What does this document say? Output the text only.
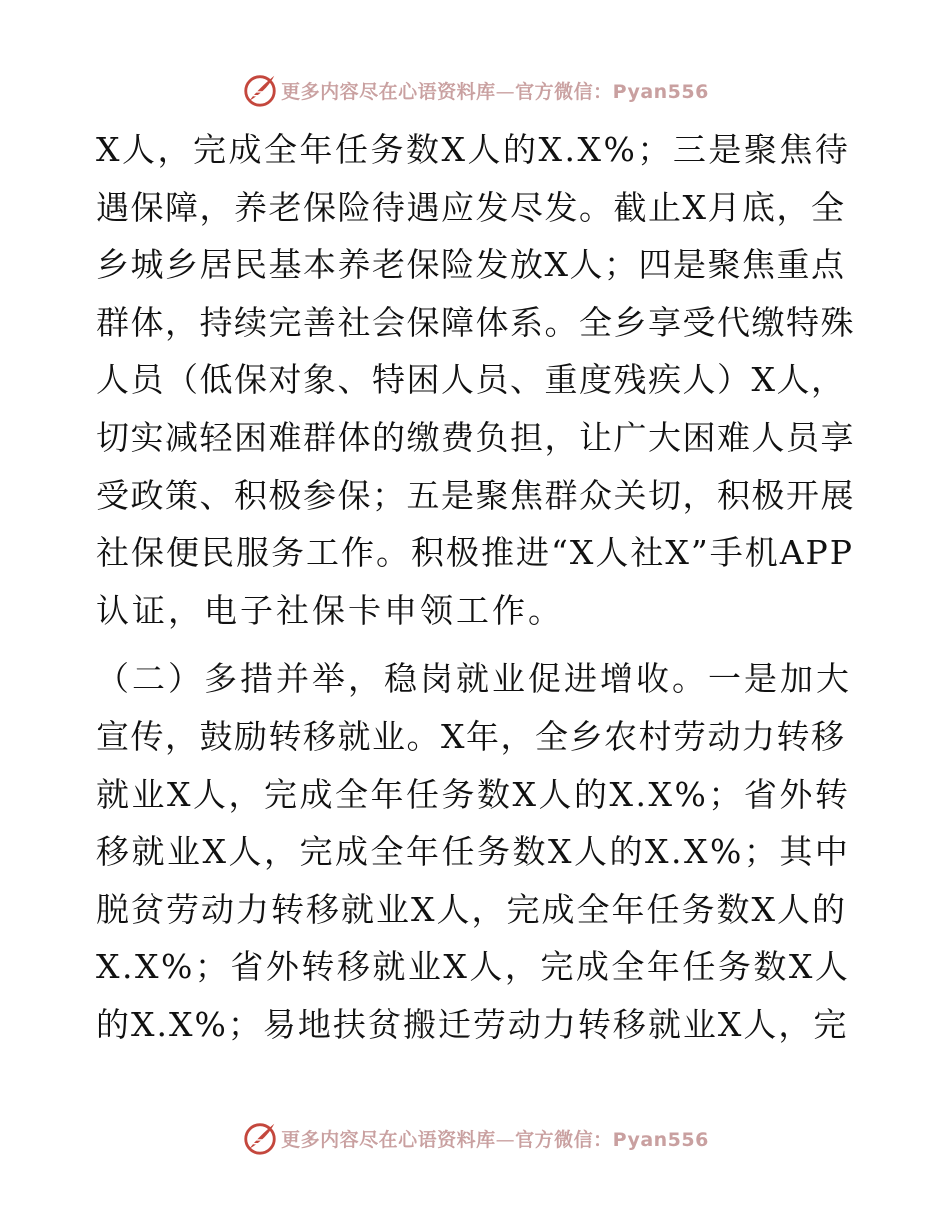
更多内容尽在心语资料库—官方微信：Pyan556
X人，完成全年任务数X人的X.X%；三是聚焦待
遇保障，养老保险待遇应发尽发。截止X月底，全
乡城乡居民基本养老保险发放X人；四是聚焦重点
群体，持续完善社会保障体系。全乡享受代缴特殊
人员（低保对象、特困人员、重度残疾人）X人，
切实减轻困难群体的缴费负担，让广大困难人员享
受政策、积极参保；五是聚焦群众关切，积极开展
社保便民服务工作。积极推进“X人社X”手机APP
认证，电子社保卡申领工作。
（二）多措并举，稳岗就业促进增收。一是加大
宣传，鼓励转移就业。X年，全乡农村劳动力转移
就业X人，完成全年任务数X人的X.X%；省外转
移就业X人，完成全年任务数X人的X.X%；其中
脱贫劳动力转移就业X人，完成全年任务数X人的
X.X%；省外转移就业X人，完成全年任务数X人
的X.X%；易地扶贫搬迁劳动力转移就业X人，完
更多内容尽在心语资料库—官方微信：Pyan556
